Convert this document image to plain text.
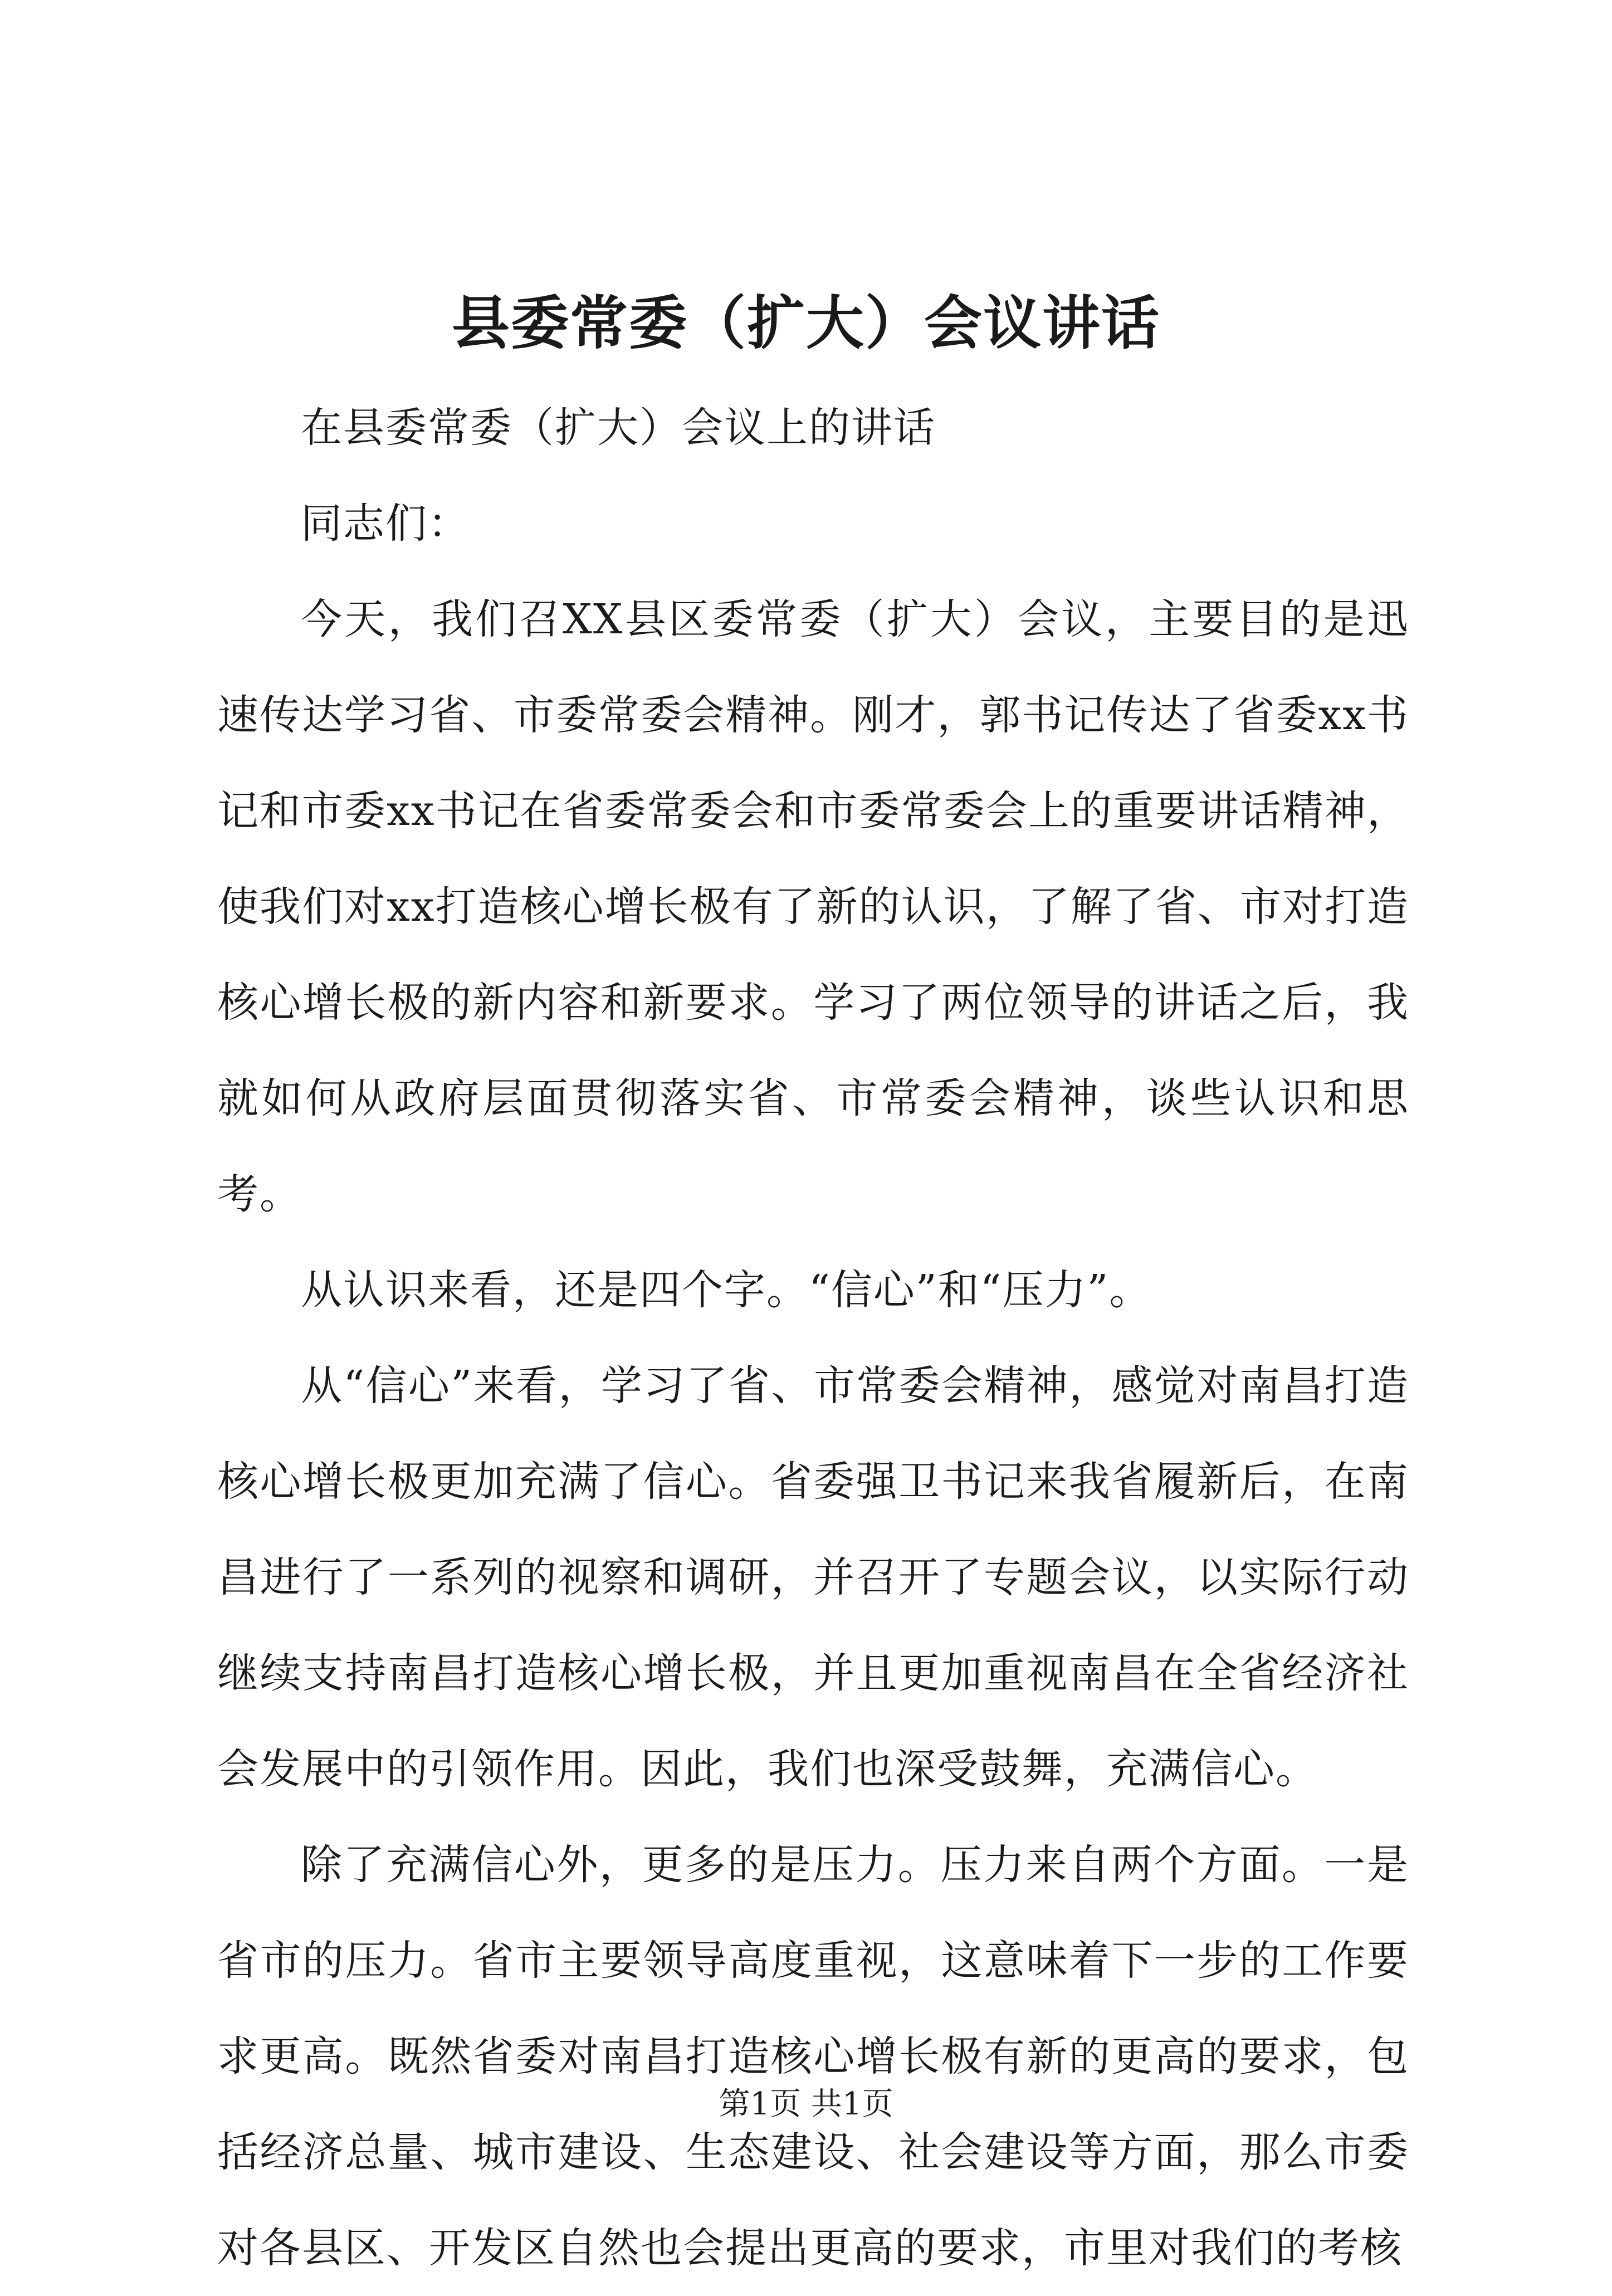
县委常委（扩大）会议讲话

在县委常委（扩大）会议上的讲话

同志们：

今天，我们召XX县区委常委（扩大）会议，主要目的是迅速传达学习省、市委常委会精神。刚才，郭书记传达了省委xx书记和市委xx书记在省委常委会和市委常委会上的重要讲话精神，使我们对xx打造核心增长极有了新的认识，了解了省、市对打造核心增长极的新内容和新要求。学习了两位领导的讲话之后，我就如何从政府层面贯彻落实省、市常委会精神，谈些认识和思考。

从认识来看，还是四个字。“信心”和“压力”。

从“信心”来看，学习了省、市常委会精神，感觉对南昌打造核心增长极更加充满了信心。省委强卫书记来我省履新后，在南昌进行了一系列的视察和调研，并召开了专题会议，以实际行动继续支持南昌打造核心增长极，并且更加重视南昌在全省经济社会发展中的引领作用。因此，我们也深受鼓舞，充满信心。

除了充满信心外，更多的是压力。压力来自两个方面。一是省市的压力。省市主要领导高度重视，这意味着下一步的工作要求更高。既然省委对南昌打造核心增长极有新的更高的要求，包括经济总量、城市建设、生态建设、社会建设等方面，那么市委对各县区、开发区自然也会提出更高的要求，市里对我们的考核

第1页 共1页
